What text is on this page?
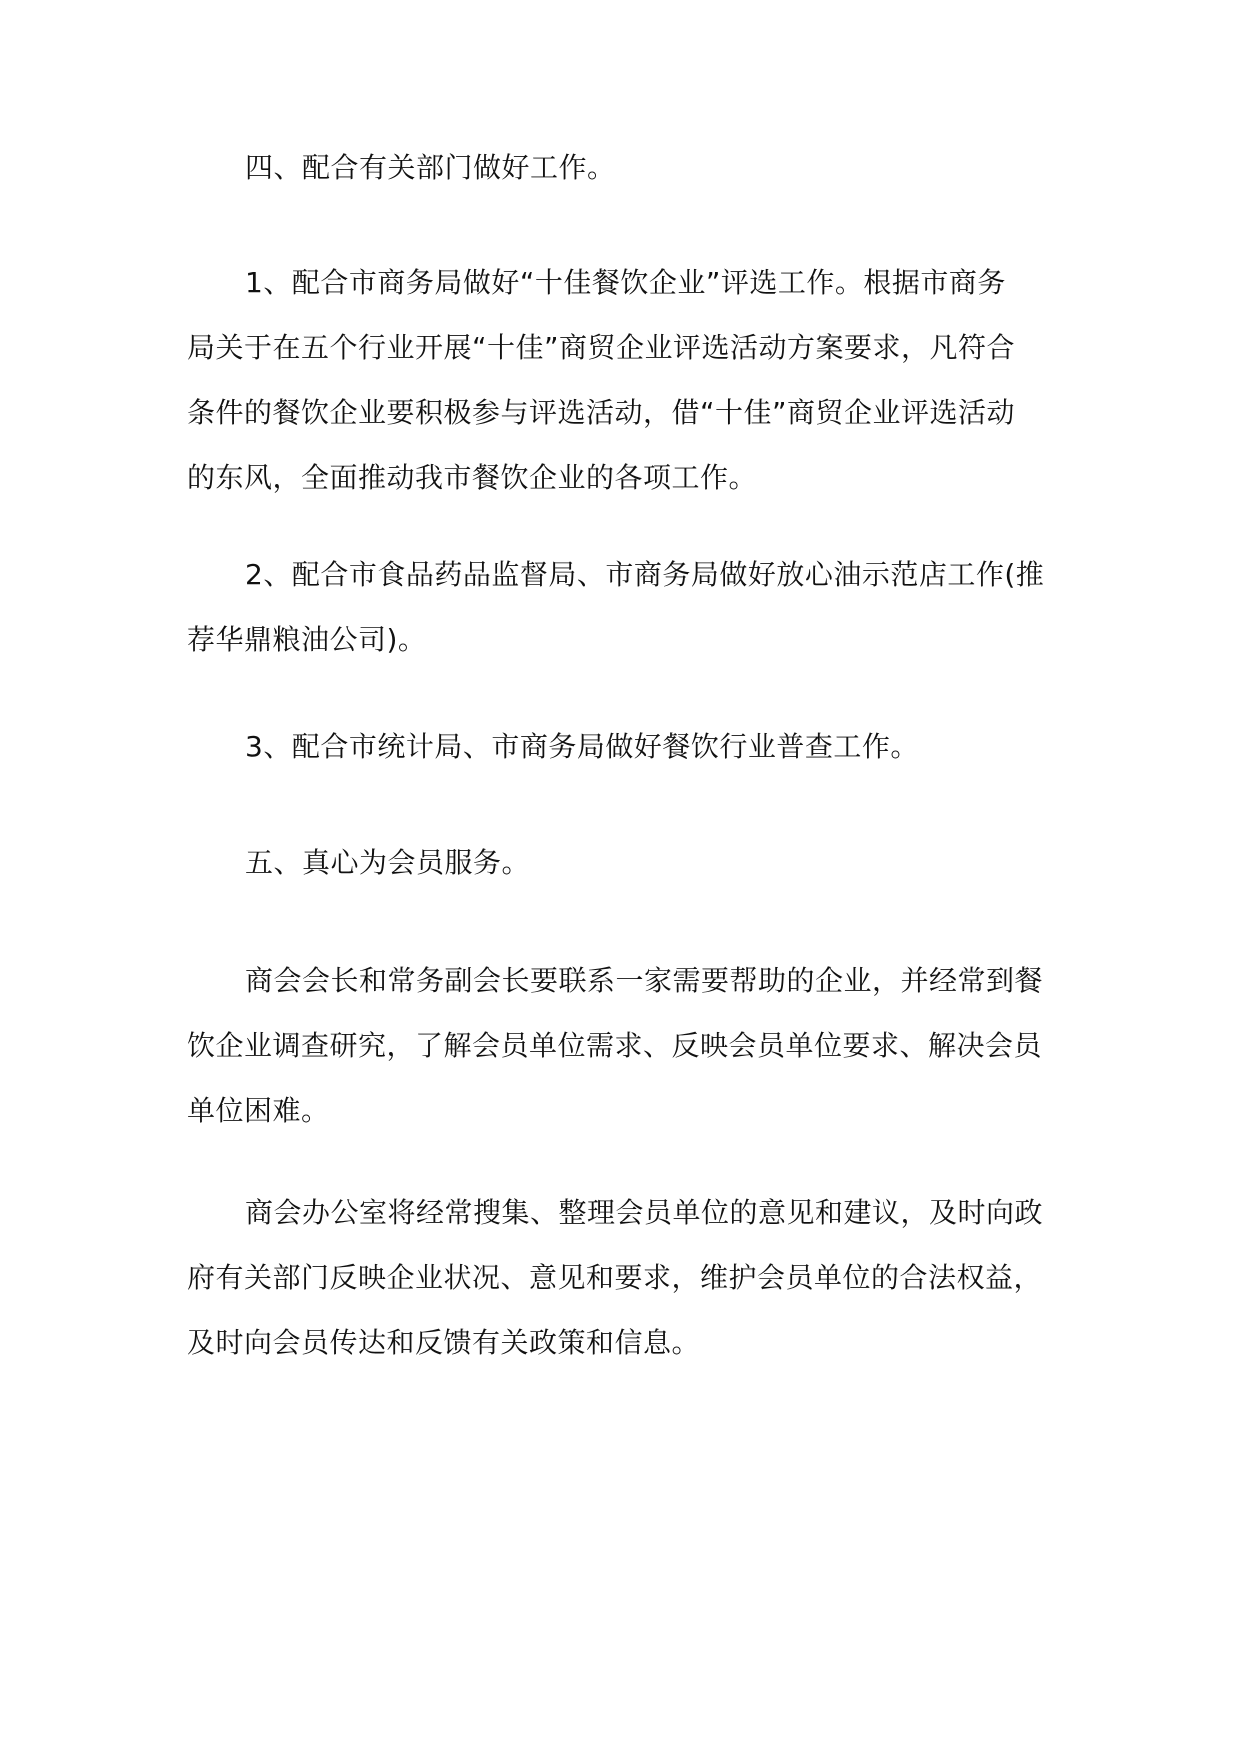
四、配合有关部门做好工作。

1、配合市商务局做好“十佳餐饮企业”评选工作。根据市商务
局关于在五个行业开展“十佳”商贸企业评选活动方案要求，凡符合
条件的餐饮企业要积极参与评选活动，借“十佳”商贸企业评选活动
的东风，全面推动我市餐饮企业的各项工作。

2、配合市食品药品监督局、市商务局做好放心油示范店工作(推
荐华鼎粮油公司)。

3、配合市统计局、市商务局做好餐饮行业普查工作。

五、真心为会员服务。

商会会长和常务副会长要联系一家需要帮助的企业，并经常到餐
饮企业调查研究，了解会员单位需求、反映会员单位要求、解决会员
单位困难。

商会办公室将经常搜集、整理会员单位的意见和建议，及时向政
府有关部门反映企业状况、意见和要求，维护会员单位的合法权益，
及时向会员传达和反馈有关政策和信息。
